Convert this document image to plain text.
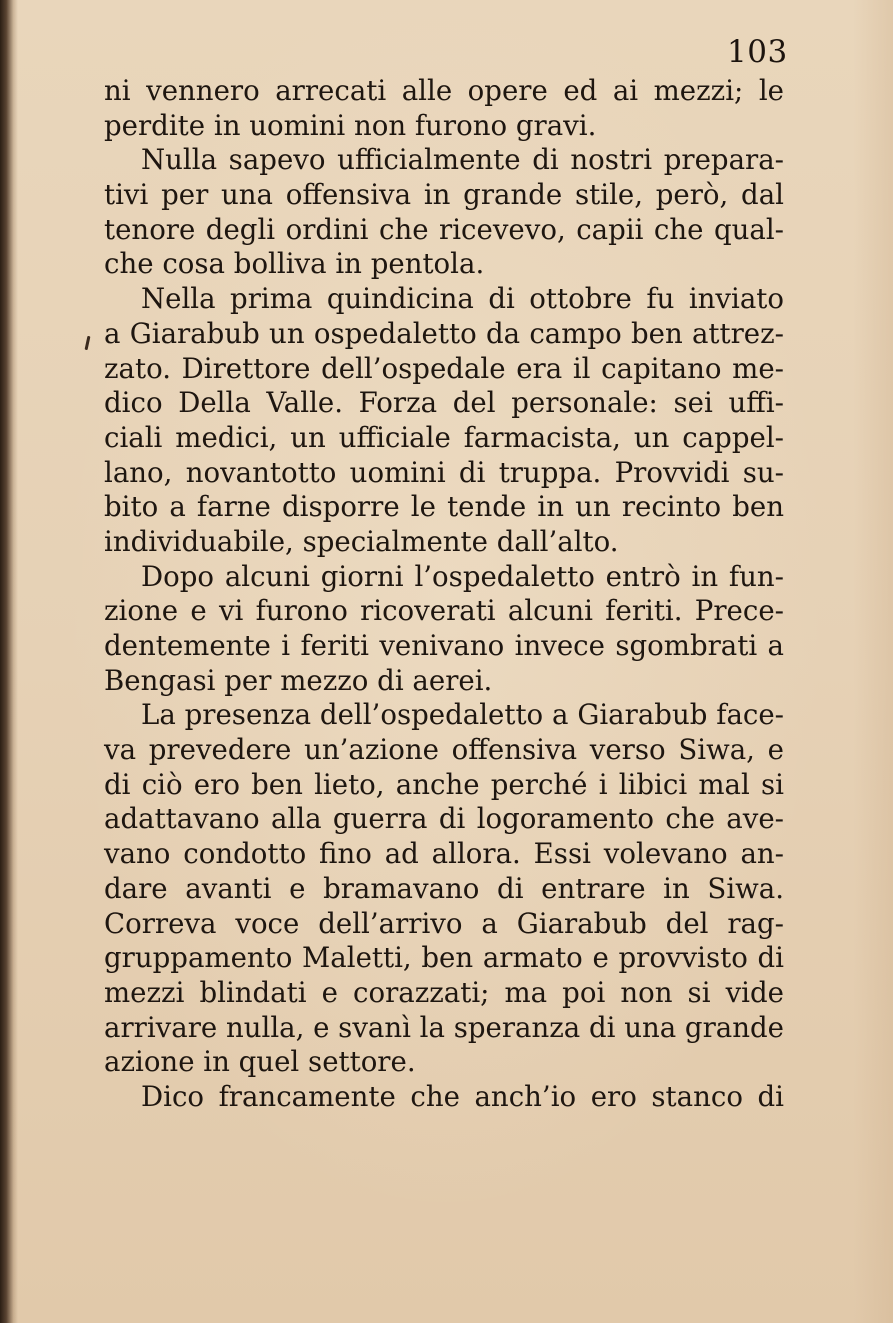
103
ni vennero arrecati alle opere ed ai mezzi; le
perdite in uomini non furono gravi.
Nulla sapevo ufficialmente di nostri prepara-
tivi per una offensiva in grande stile, però, dal
tenore degli ordini che ricevevo, capii che qual-
che cosa bolliva in pentola.
Nella prima quindicina di ottobre fu inviato
a Giarabub un ospedaletto da campo ben attrez-
zato. Direttore dell’ospedale era il capitano me-
dico Della Valle. Forza del personale: sei uffi-
ciali medici, un ufficiale farmacista, un cappel-
lano, novantotto uomini di truppa. Provvidi su-
bito a farne disporre le tende in un recinto ben
individuabile, specialmente dall’alto.
Dopo alcuni giorni l’ospedaletto entrò in fun-
zione e vi furono ricoverati alcuni feriti. Prece-
dentemente i feriti venivano invece sgombrati a
Bengasi per mezzo di aerei.
La presenza dell’ospedaletto a Giarabub face-
va prevedere un’azione offensiva verso Siwa, e
di ciò ero ben lieto, anche perché i libici mal si
adattavano alla guerra di logoramento che ave-
vano condotto fino ad allora. Essi volevano an-
dare avanti e bramavano di entrare in Siwa.
Correva voce dell’arrivo a Giarabub del rag-
gruppamento Maletti, ben armato e provvisto di
mezzi blindati e corazzati; ma poi non si vide
arrivare nulla, e svanì la speranza di una grande
azione in quel settore.
Dico francamente che anch’io ero stanco di
